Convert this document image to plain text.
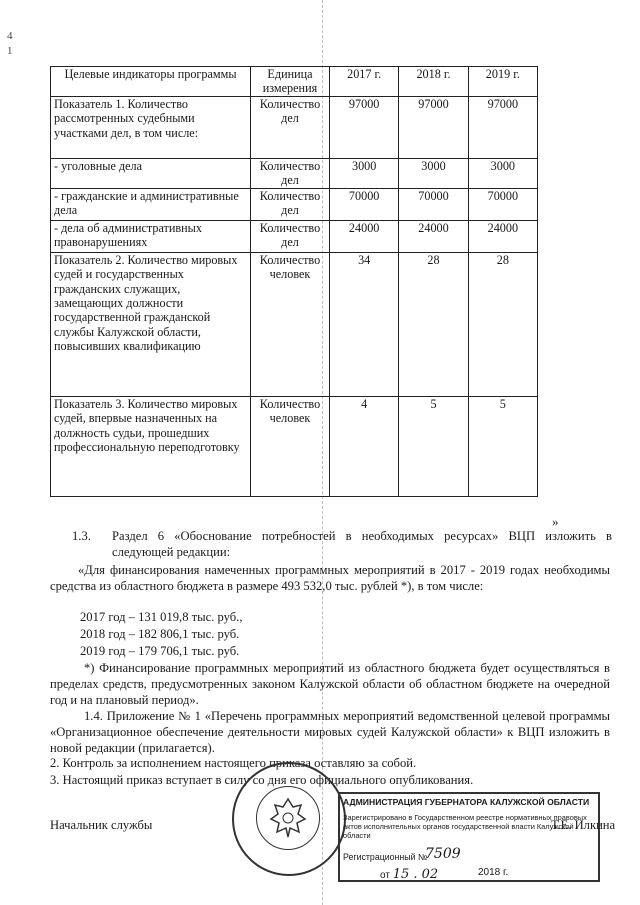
4
1
Целевые индикаторы программы	Единица измерения	2017 г.	2018 г.	2019 г.
Показатель 1. Количество рассмотренных судебными участками дел, в том числе:	Количество дел	97000	97000	97000
- уголовные дела	Количество дел	3000	3000	3000
- гражданские и административные дела	Количество дел	70000	70000	70000
- дела об административных правонарушениях	Количество дел	24000	24000	24000
Показатель 2. Количество мировых судей и государственных гражданских служащих, замещающих должности государственной гражданской службы Калужской области, повысивших квалификацию	Количество человек	34	28	28
Показатель 3. Количество мировых судей, впервые назначенных на должность судьи, прошедших профессиональную переподготовку	Количество человек	4	5	5
»
1.3.	Раздел 6 «Обоснование потребностей в необходимых ресурсах» ВЦП изложить в следующей редакции:
«Для финансирования намеченных программных мероприятий в 2017 - 2019 годах необходимы средства из областного бюджета в размере 493 532,0 тыс. рублей *), в том числе:
2017 год – 131 019,8 тыс. руб.,
2018 год – 182 806,1 тыс. руб.
2019 год – 179 706,1 тыс. руб.
*) Финансирование программных мероприятий из областного бюджета будет осуществляться в пределах средств, предусмотренных законом Калужской области об областном бюджете на очередной год и на плановый период».
1.4. Приложение № 1 «Перечень программных мероприятий ведомственной целевой программы «Организационное обеспечение деятельности мировых судей Калужской области» к ВЦП изложить в новой редакции (прилагается).
2. Контроль за исполнением настоящего приказа оставляю за собой.
3. Настоящий приказ вступает в силу со дня его официального опубликования.
Начальник службы	Т.Е. Илкина
АДМИНИСТРАЦИЯ ГУБЕРНАТОРА КАЛУЖСКОЙ ОБЛАСТИ
Зарегистрировано в Государственном реестре нормативных правовых актов исполнительных органов государственной власти Калужской области
Регистрационный №
7509
от 15 . 02	2018 г.
